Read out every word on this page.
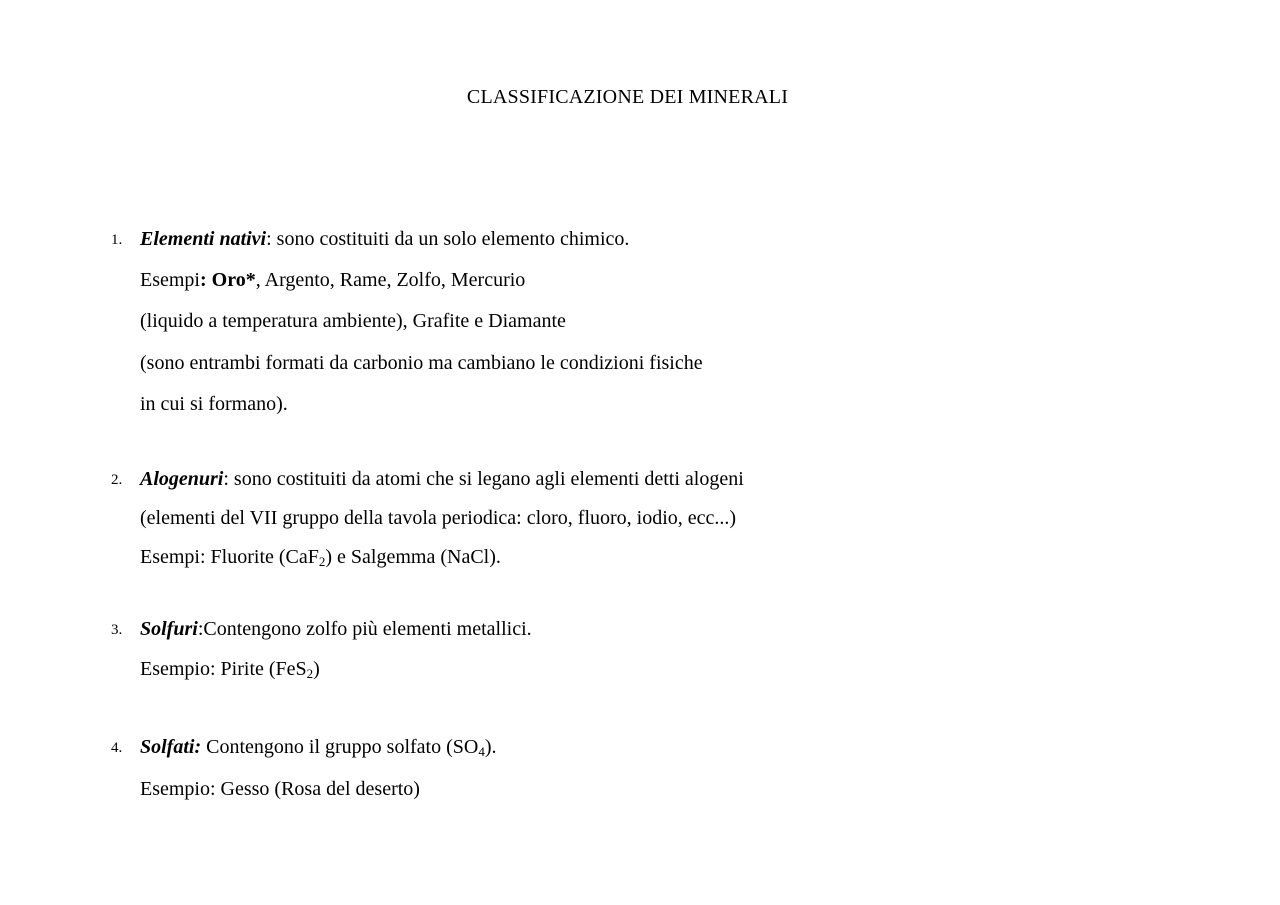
CLASSIFICAZIONE DEI MINERALI
1. Elementi nativi: sono costituiti da un solo elemento chimico.
Esempi: Oro*, Argento, Rame, Zolfo, Mercurio
(liquido a temperatura ambiente), Grafite e Diamante
(sono entrambi formati da carbonio ma cambiano le condizioni fisiche
in cui si formano).
2. Alogenuri: sono costituiti da atomi che si legano agli elementi detti alogeni
(elementi del VII gruppo della tavola periodica: cloro, fluoro, iodio, ecc...)
Esempi: Fluorite (CaF$_2$) e Salgemma (NaCl).
3. Solfuri:Contengono zolfo più elementi metallici.
Esempio: Pirite (FeS$_2$)
4. Solfati: Contengono il gruppo solfato $(SO_4)$.
Esempio: Gesso (Rosa del deserto)
